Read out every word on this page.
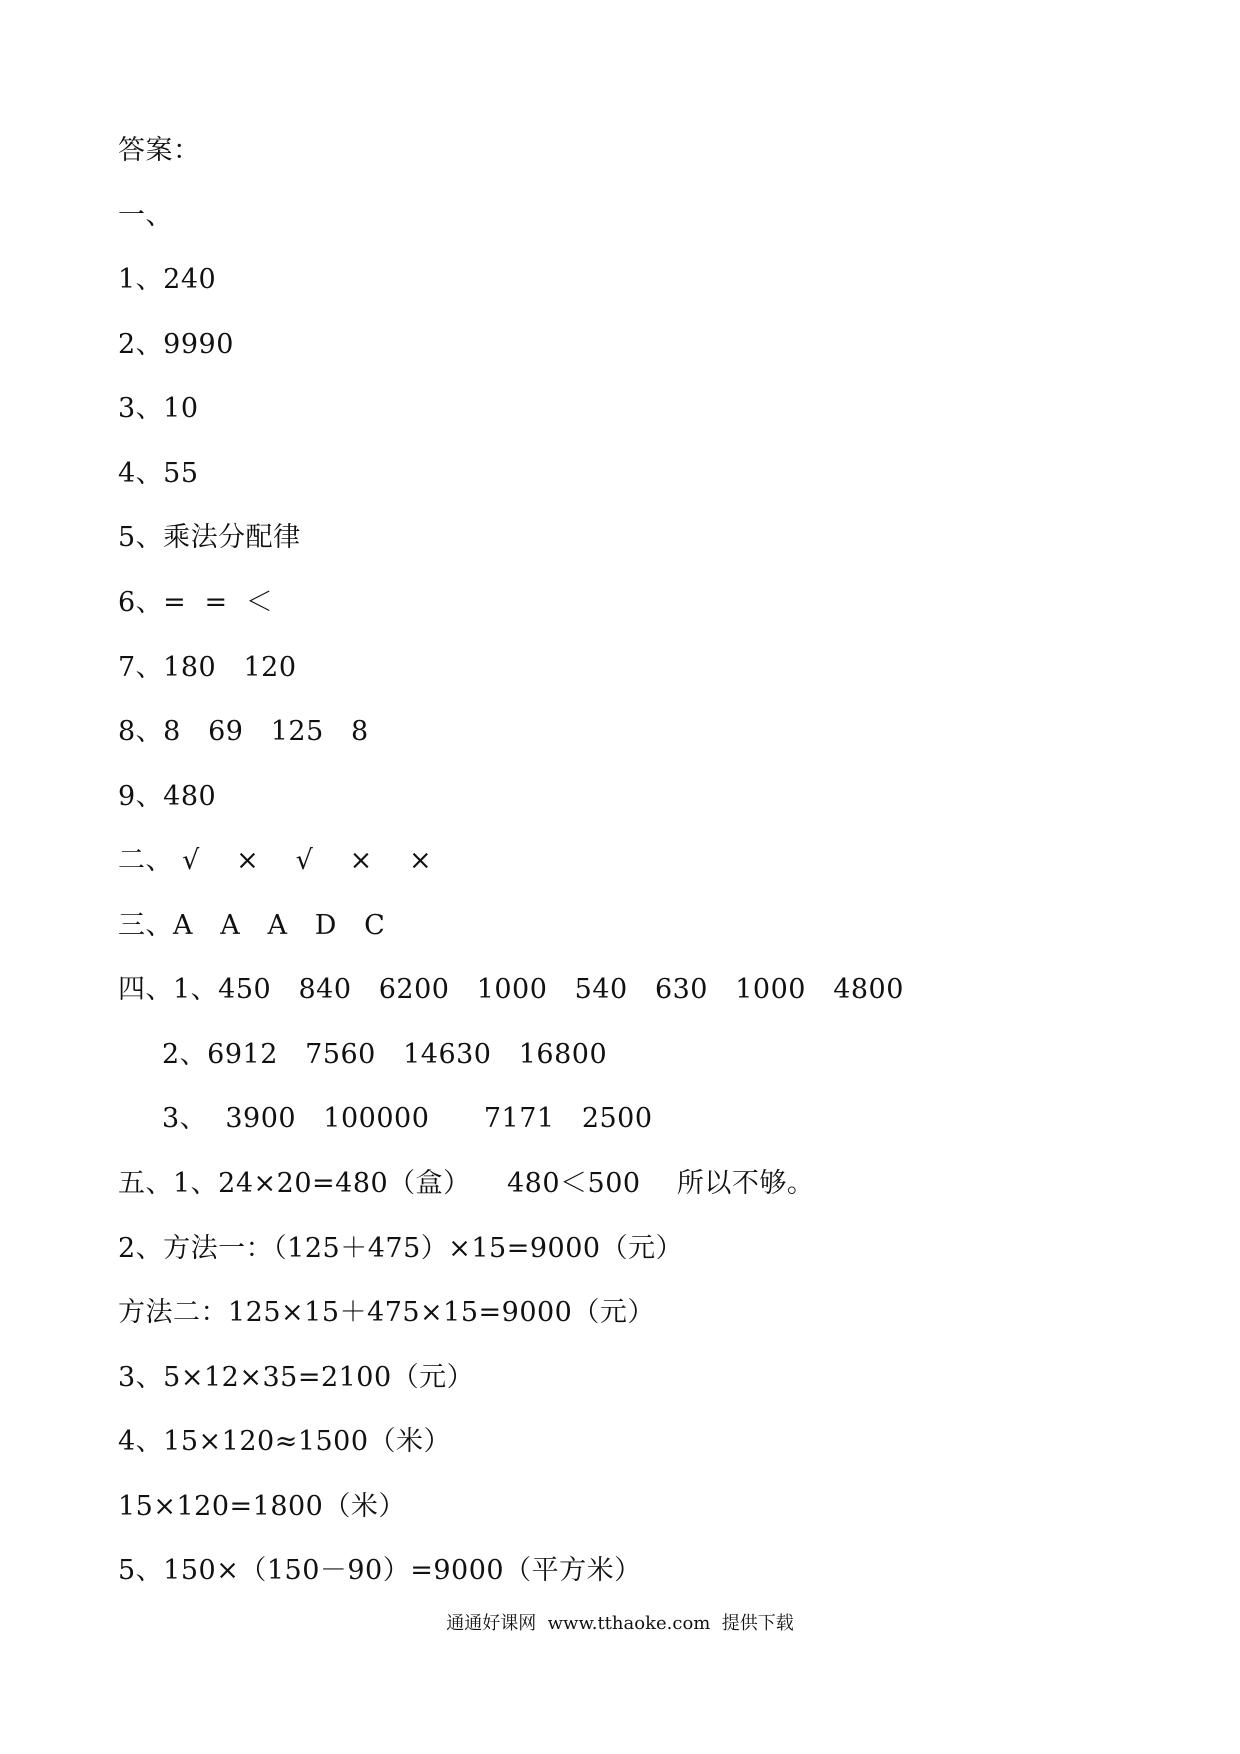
答案：
一、
1、240
2、9990
3、10
4、55
5、乘法分配律
6、=  =  ＜
7、180   120
8、8   69   125   8
9、480
二、 √    ×    √    ×    ×
三、A   A   A   D   C
四、1、450   840   6200   1000   540   630   1000   4800
2、6912   7560   14630   16800
3、  3900   100000      7171   2500
五、1、24×20=480（盒）    480＜500    所以不够。
2、方法一：（125＋475）×15=9000（元）
方法二：125×15＋475×15=9000（元）
3、5×12×35=2100（元）
4、15×120≈1500（米）
15×120=1800（米）
5、150×（150－90）=9000（平方米）
通通好课网  www.tthaoke.com  提供下载
